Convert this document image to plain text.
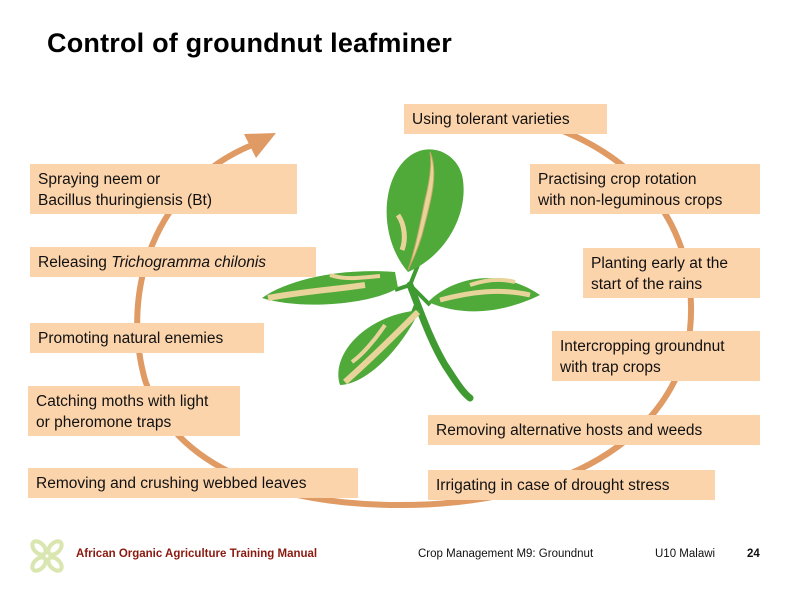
Control of groundnut leafminer
Spraying neem or
Bacillus thuringiensis (Bt)
Releasing Trichogramma chilonis
Promoting natural enemies
Catching moths with light
or pheromone traps
Removing and crushing webbed leaves
Using tolerant varieties
Practising crop rotation
with non-leguminous crops
Planting early at the
start of the rains
Intercropping groundnut
with trap crops
Removing alternative hosts and weeds
Irrigating in case of drought stress
African Organic Agriculture Training Manual	Crop Management M9: Groundnut	U10 Malawi	24
